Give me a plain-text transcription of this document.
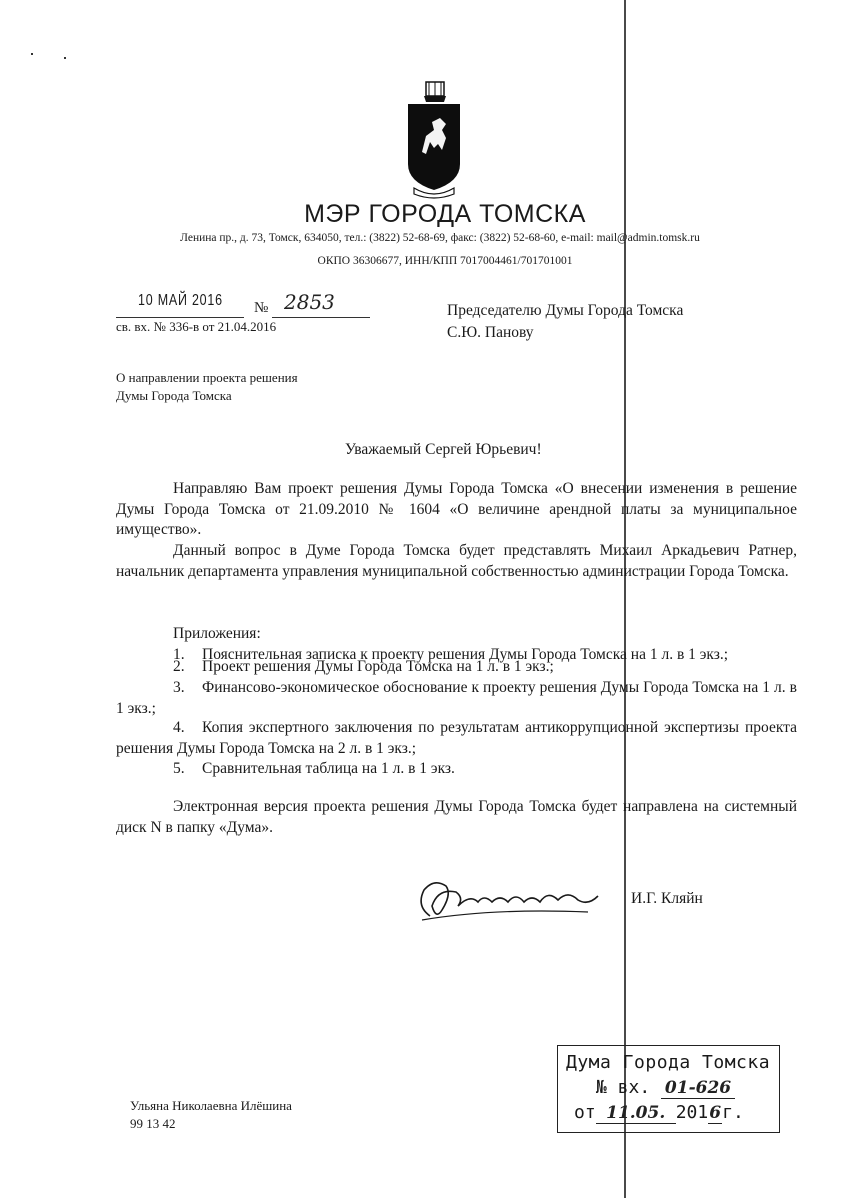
МЭР ГОРОДА ТОМСКА
Ленина пр., д. 73, Томск, 634050, тел.: (3822) 52-68-69, факс: (3822) 52-68-60, e-mail: mail@admin.tomsk.ru
ОКПО 36306677, ИНН/КПП 7017004461/701701001
10 МАЙ 2016 № 2853
св. вх. № 336-в от 21.04.2016
Председателю Думы Города Томска
С.Ю. Панову
О направлении проекта решения
Думы Города Томска
Уважаемый Сергей Юрьевич!
Направляю Вам проект решения Думы Города Томска «О внесении изменения в решение Думы Города Томска от 21.09.2010 № 1604 «О величине арендной платы за муниципальное имущество».
Данный вопрос в Думе Города Томска будет представлять Михаил Аркадьевич Ратнер, начальник департамента управления муниципальной собственностью администрации Города Томска.
Приложения:
1. Пояснительная записка к проекту решения Думы Города Томска на 1 л. в 1 экз.;
2. Проект решения Думы Города Томска на 1 л. в 1 экз.;
3. Финансово-экономическое обоснование к проекту решения Думы Города Томска на 1 л. в 1 экз.;
4. Копия экспертного заключения по результатам антикоррупционной экспертизы проекта решения Думы Города Томска на 2 л. в 1 экз.;
5. Сравнительная таблица на 1 л. в 1 экз.
Электронная версия проекта решения Думы Города Томска будет направлена на системный диск N в папку «Дума».
И.Г. Кляйн
Ульяна Николаевна Илёшина
99 13 42
Дума Города Томска
№ вх. 01-626
от 11.05. 2016г.
